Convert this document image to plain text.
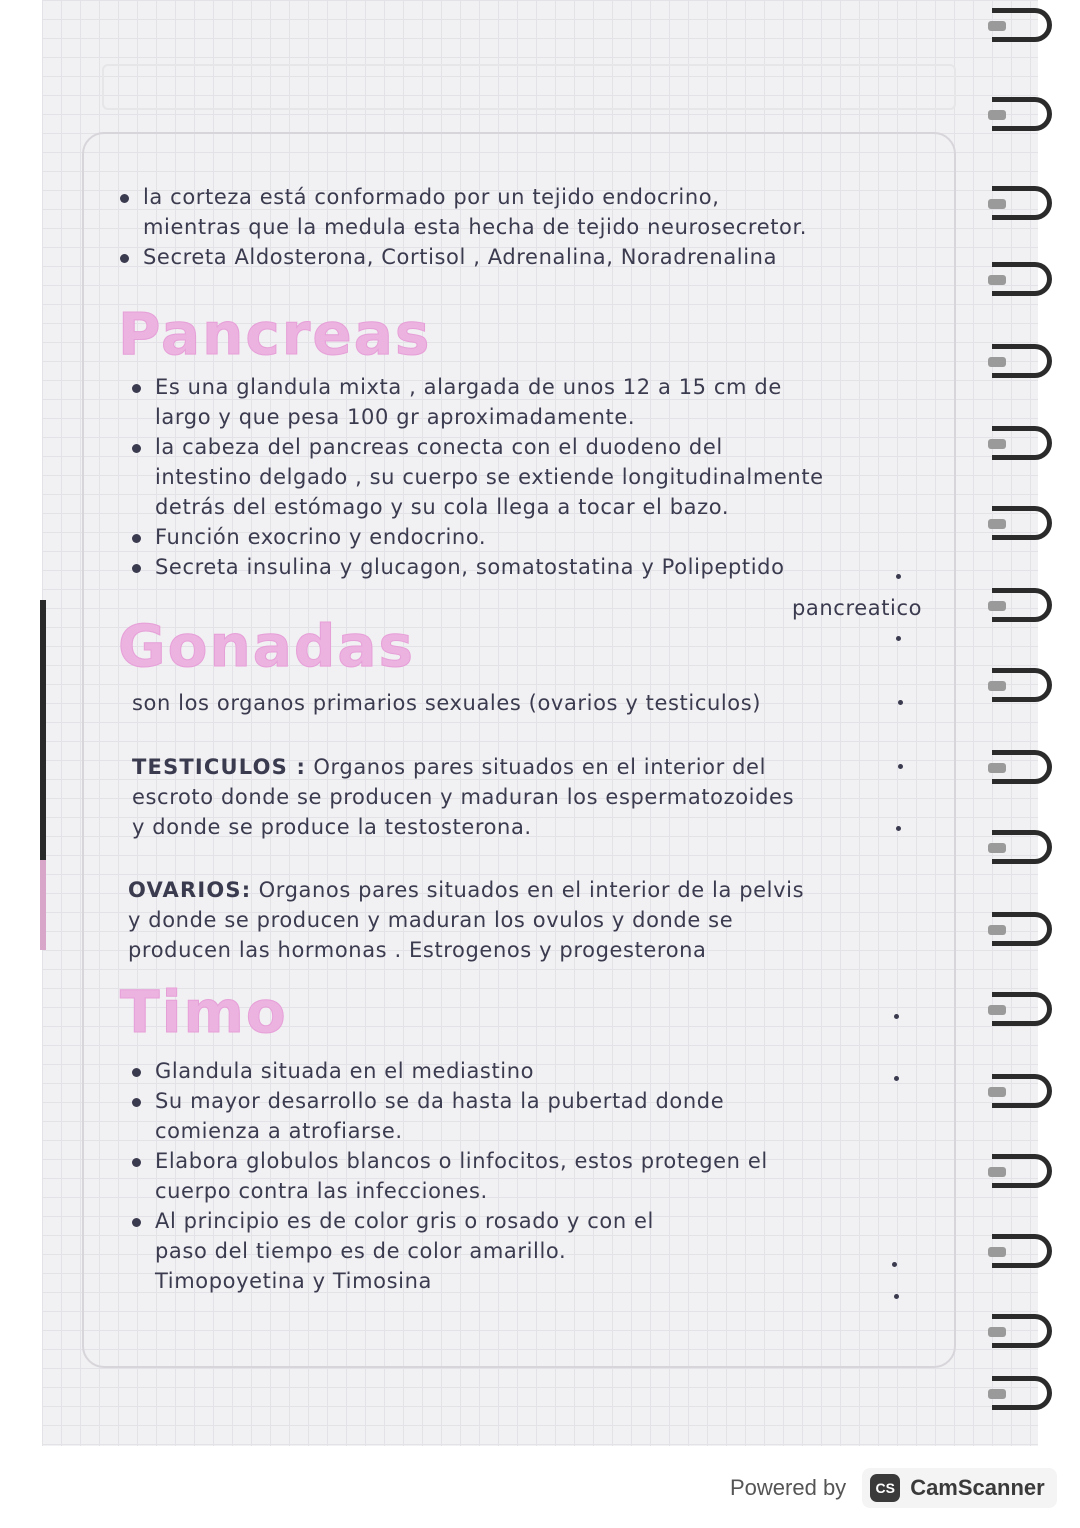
la corteza está conformado por un tejido endocrino,
mientras que la medula esta hecha de tejido neurosecretor.
Secreta Aldosterona, Cortisol , Adrenalina, Noradrenalina
Pancreas
Es una glandula mixta , alargada de unos 12 a 15 cm de
largo y que pesa 100 gr aproximadamente.
la cabeza del pancreas conecta con el duodeno del
intestino delgado , su cuerpo se extiende longitudinalmente
detrás del estómago y su cola llega a tocar el bazo.
Función exocrino y endocrino.
Secreta insulina y glucagon, somatostatina y Polipeptido
pancreatico
Gonadas
son los organos primarios sexuales (ovarios y testiculos)
TESTICULOS : Organos pares situados en el interior del
escroto donde se producen y maduran los espermatozoides
y donde se produce la testosterona.
OVARIOS: Organos pares situados en el interior de la pelvis
y donde se producen y maduran los ovulos y donde se
producen las hormonas . Estrogenos y progesterona
Timo
Glandula situada en el mediastino
Su mayor desarrollo se da hasta la pubertad donde
comienza a atrofiarse.
Elabora globulos blancos o linfocitos, estos protegen el
cuerpo contra las infecciones.
Al principio es de color gris o rosado y con el
paso del tiempo es de color amarillo.
Timopoyetina y Timosina
Powered by	CS CamScanner
